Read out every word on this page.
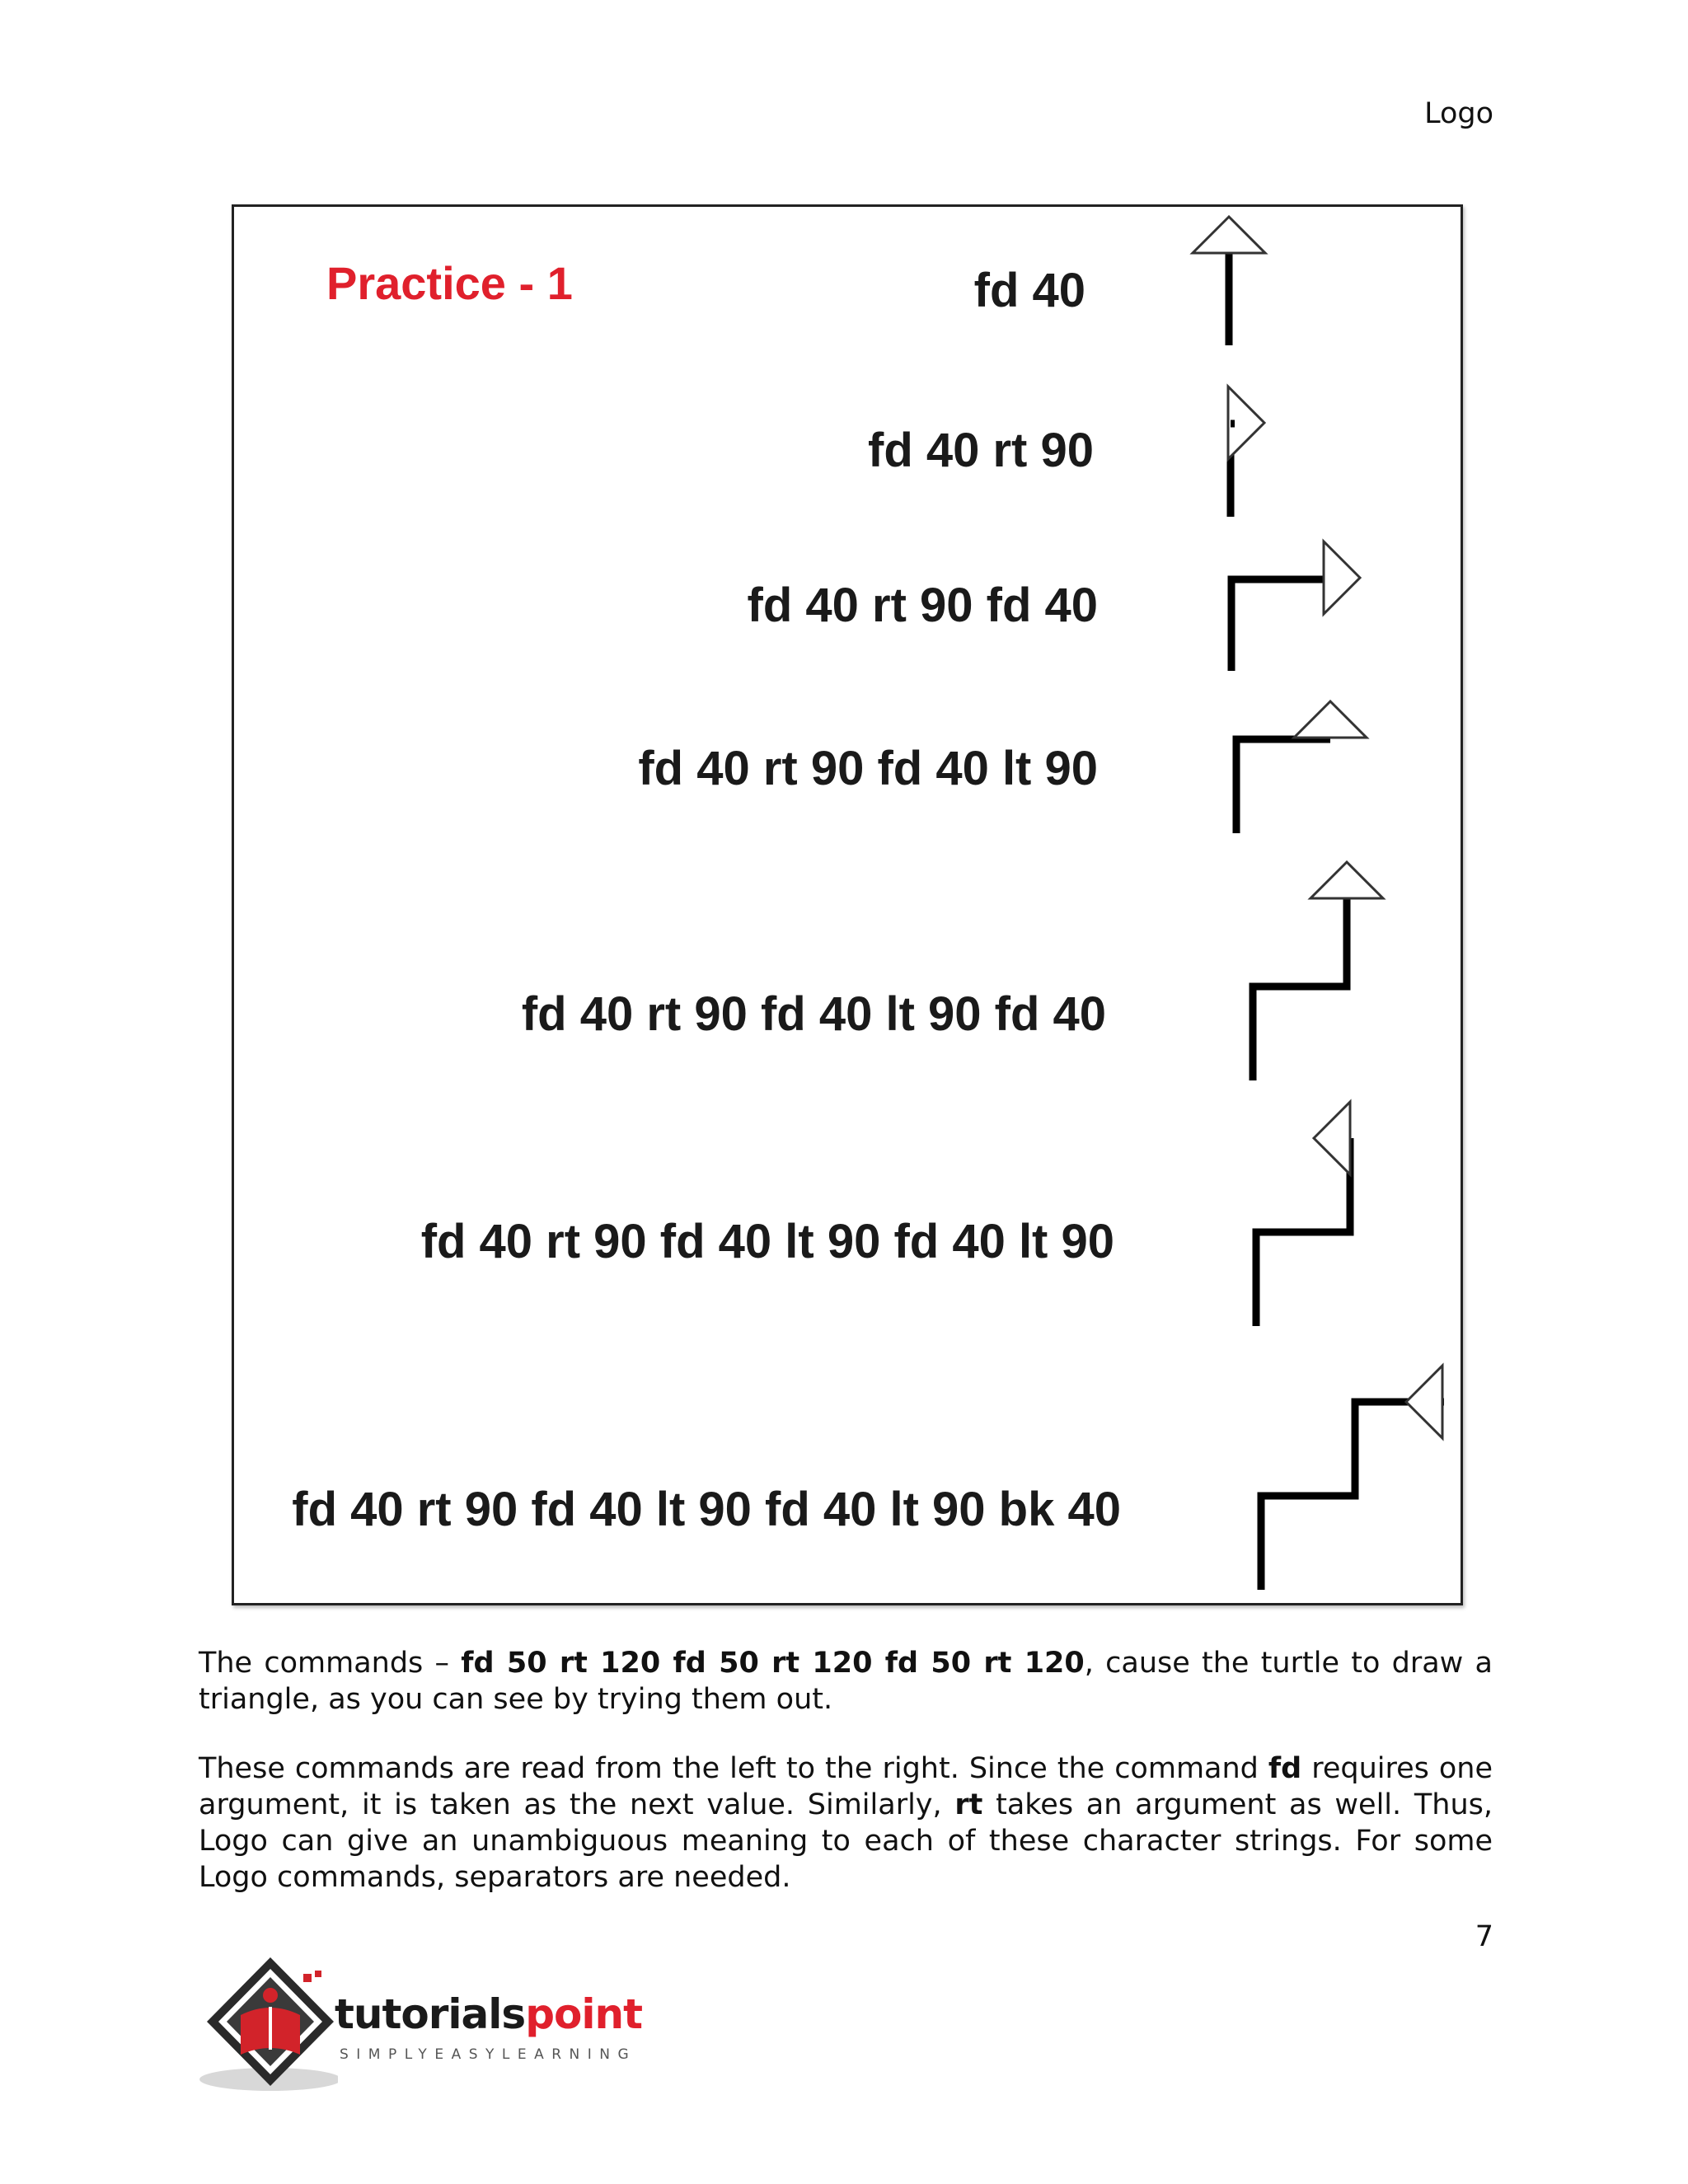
Logo
Practice - 1	fd 40
fd 40 rt 90
fd 40 rt 90 fd 40
fd 40 rt 90 fd 40 lt 90
fd 40 rt 90 fd 40 lt 90 fd 40
fd 40 rt 90 fd 40 lt 90 fd 40 lt 90
fd 40 rt 90 fd 40 lt 90 fd 40 lt 90 bk 40

The commands – fd 50 rt 120 fd 50 rt 120 fd 50 rt 120, cause the turtle to draw a triangle, as you can see by trying them out.

These commands are read from the left to the right. Since the command fd requires one argument, it is taken as the next value. Similarly, rt takes an argument as well. Thus, Logo can give an unambiguous meaning to each of these character strings. For some Logo commands, separators are needed.

7
tutorialspoint
SIMPLYEASYLEARNING
